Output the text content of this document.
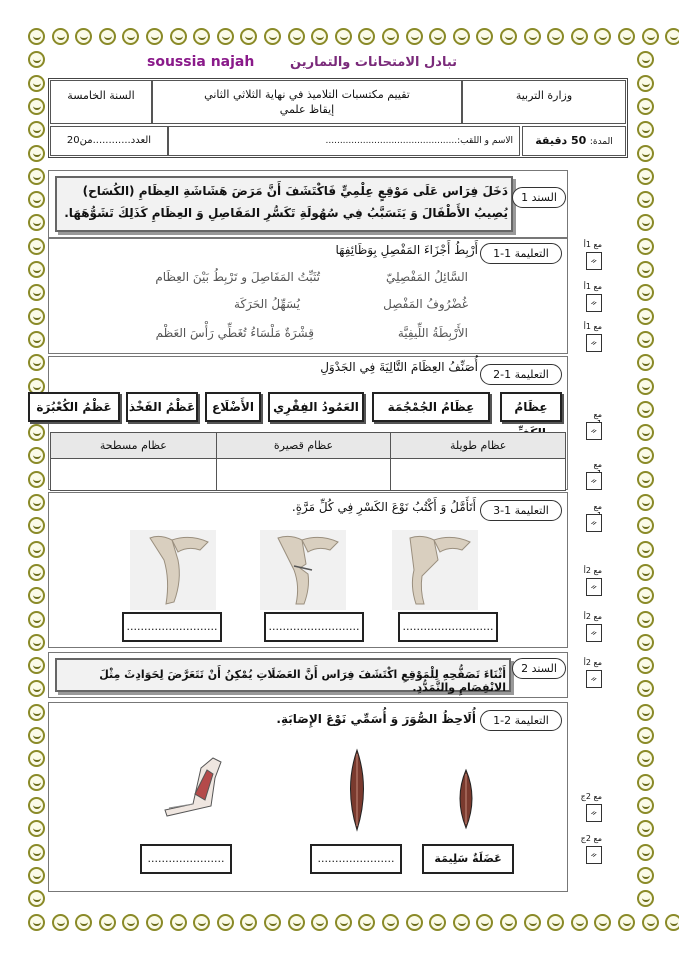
تبادل الامتحانات والتمارين
soussia najah
وزارة التربية
تقييم مكتسبات التلاميذ في نهاية الثلاثي الثاني
إيقاظ علمي
السنة الخامسة
المدة: 50 دقيقة
الاسم و اللقب:..............................................
العدد............من20
دَخَلَ فِرَاس عَلَى مَوْقِعٍ عِلْمِيٍّ فَاكْتَشَفَ أَنَّ مَرَضَ هَشَاشَةِ العِظَامِ (الكُسَاح) يُصِيبُ الأَطْفَالَ وَ يَتَسَبَّبُ فِي سُهُولَةِ تَكَسُّرِ المَفَاصِلِ وَ العِظَامِ كَذَلِكَ تَشَوُّهَهَا.
السند 1
التعليمة 1-1
أَرْبِطُ أَجْزَاءَ المَفْصِلِ بِوَظَائِفِهَا
السَّائِلُ المَفْصِلِيّ
غُضْرُوفُ المَفْصِل
الأَرْبِطَةُ اللِّيفِيَّة
تُثَبِّتُ المَفَاصِلَ و تَرْبِطُ بَيْنَ العِظَام
يُسَهِّلُ الحَرَكَة
قِشْرَةٌ مَلْسَاءُ تُغَطِّي رَأْسَ العَظْم
التعليمة 1-2
أُصَنِّفُ العِظَامَ التَّالِيَةَ فِي الجَدْوَلِ
عِظَامُ
عِظَامُ الجُمْجُمَة
العَمُودُ الفِقْرِي
الأَضْلَاع
عَظْمُ الفَخْذ
عَظْمُ الكُعْبُرَة
عظام مسطحة	عظام قصيرة	عظام طويلة

التعليمة 1-3
أَتَأَمَّلُ وَ أَكْتُبُ نَوْعَ الكَسْرِ فِي كُلِّ مَرَّةٍ.
..........................	..........................	..........................
أَثْنَاءَ تَصَفُّحِهِ لِلْمَوْقِعِ اكْتَشَفَ فِرَاس أَنَّ العَضَلَاتِ يُمْكِنُ أَنْ تَتَعَرَّضَ لِحَوَادِثَ مِثْلَ الانْفِصَامِ والتَّمَدُّدِ.
السند 2
التعليمة 2-1
أُلَاحِظُ الصُّوَرَ وَ أُسَمِّي نَوْعَ الإِصَابَةِ.
......................	......................	عَضَلَةٌ سَلِيمَة
مع 1أ
ᨀ
مع 1أ
ᨀ
مع 1أ
ᨀ
مع
ᨀ
مع
ᨀ
مع
ᨀ
مع 2أ
ᨀ
مع 2أ
ᨀ
مع 2أ
ᨀ
مع 2ج
ᨀ
مع 2ج
ᨀ
